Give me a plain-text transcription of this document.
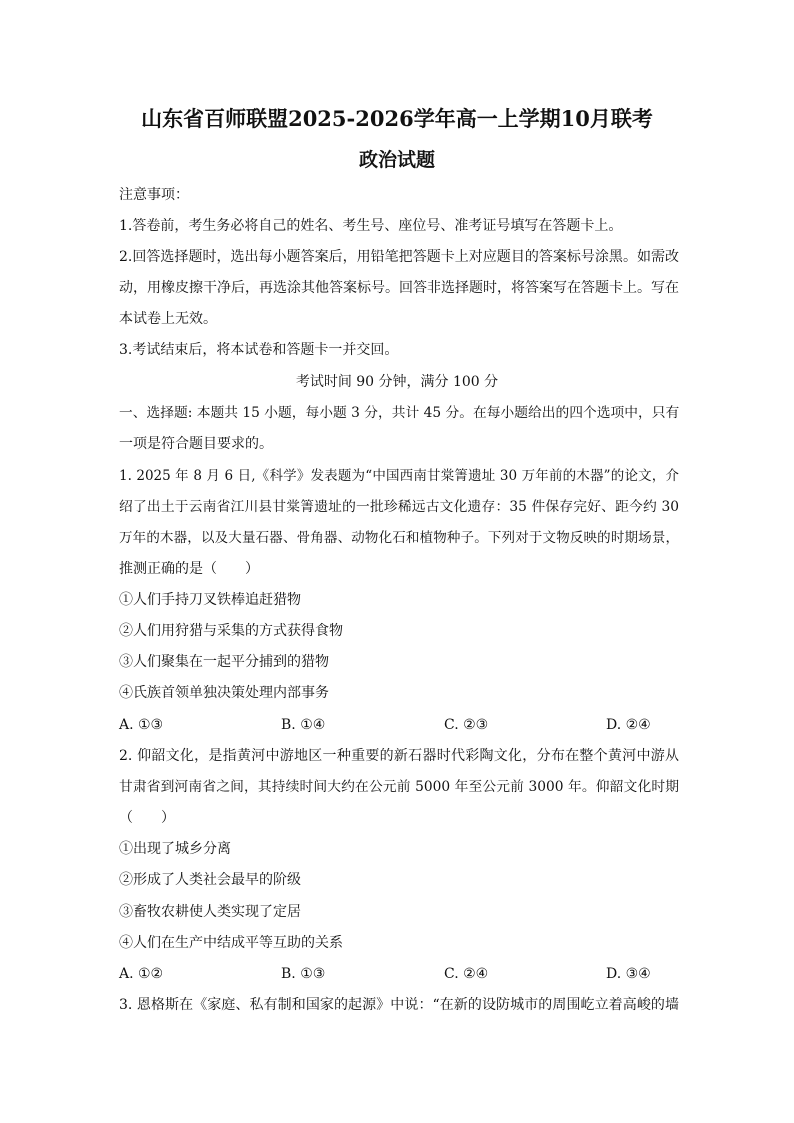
山东省百师联盟2025-2026学年高一上学期10月联考
政治试题
注意事项：
1.答卷前，考生务必将自己的姓名、考生号、座位号、准考证号填写在答题卡上。
2.回答选择题时，选出每小题答案后，用铅笔把答题卡上对应题目的答案标号涂黑。如需改
动，用橡皮擦干净后，再选涂其他答案标号。回答非选择题时，将答案写在答题卡上。写在
本试卷上无效。
3.考试结束后，将本试卷和答题卡一并交回。
考试时间 90 分钟，满分 100 分
一、选择题: 本题共 15 小题，每小题 3 分，共计 45 分。在每小题给出的四个选项中，只有
一项是符合题目要求的。
1. 2025 年 8 月 6 日,《科学》发表题为“中国西南甘棠箐遗址 30 万年前的木器”的论文，介
绍了出土于云南省江川县甘棠箐遗址的一批珍稀远古文化遗存：35 件保存完好、距今约 30
万年的木器，以及大量石器、骨角器、动物化石和植物种子。下列对于文物反映的时期场景，
推测正确的是（　　）
①人们手持刀叉铁棒追赶猎物
②人们用狩猎与采集的方式获得食物
③人们聚集在一起平分捕到的猎物
④氏族首领单独决策处理内部事务
A. ①③	B. ①④	C. ②③	D. ②④
2. 仰韶文化，是指黄河中游地区一种重要的新石器时代彩陶文化，分布在整个黄河中游从
甘肃省到河南省之间，其持续时间大约在公元前 5000 年至公元前 3000 年。仰韶文化时期
（　　）
①出现了城乡分离
②形成了人类社会最早的阶级
③畜牧农耕使人类实现了定居
④人们在生产中结成平等互助的关系
A. ①②	B. ①③	C. ②④	D. ③④
3. 恩格斯在《家庭、私有制和国家的起源》中说：“在新的设防城市的周围屹立着高峻的墙
